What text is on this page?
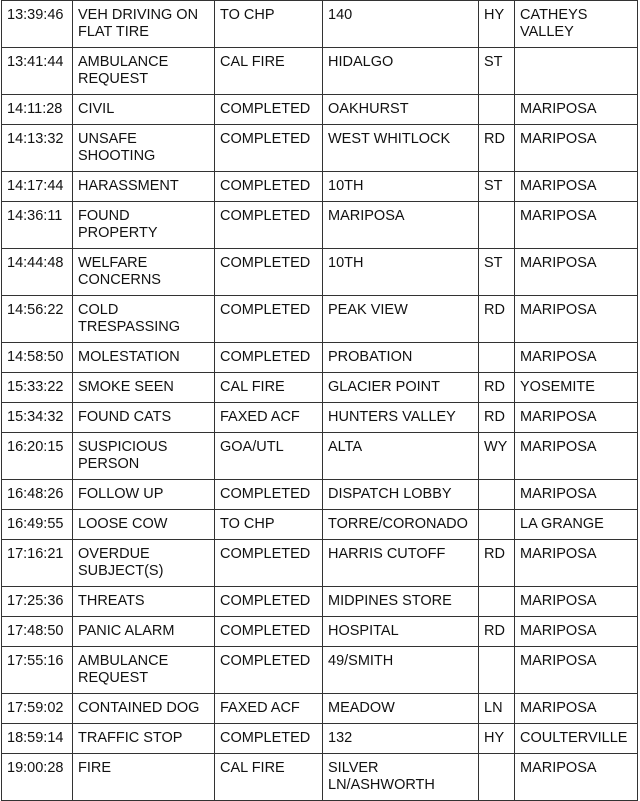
13:39:46	VEH DRIVING ON FLAT TIRE	TO CHP	140	HY	CATHEYS VALLEY
13:41:44	AMBULANCE REQUEST	CAL FIRE	HIDALGO	ST	
14:11:28	CIVIL	COMPLETED	OAKHURST		MARIPOSA
14:13:32	UNSAFE SHOOTING	COMPLETED	WEST WHITLOCK	RD	MARIPOSA
14:17:44	HARASSMENT	COMPLETED	10TH	ST	MARIPOSA
14:36:11	FOUND PROPERTY	COMPLETED	MARIPOSA		MARIPOSA
14:44:48	WELFARE CONCERNS	COMPLETED	10TH	ST	MARIPOSA
14:56:22	COLD TRESPASSING	COMPLETED	PEAK VIEW	RD	MARIPOSA
14:58:50	MOLESTATION	COMPLETED	PROBATION		MARIPOSA
15:33:22	SMOKE SEEN	CAL FIRE	GLACIER POINT	RD	YOSEMITE
15:34:32	FOUND CATS	FAXED ACF	HUNTERS VALLEY	RD	MARIPOSA
16:20:15	SUSPICIOUS PERSON	GOA/UTL	ALTA	WY	MARIPOSA
16:48:26	FOLLOW UP	COMPLETED	DISPATCH LOBBY		MARIPOSA
16:49:55	LOOSE COW	TO CHP	TORRE/CORONADO		LA GRANGE
17:16:21	OVERDUE SUBJECT(S)	COMPLETED	HARRIS CUTOFF	RD	MARIPOSA
17:25:36	THREATS	COMPLETED	MIDPINES STORE		MARIPOSA
17:48:50	PANIC ALARM	COMPLETED	HOSPITAL	RD	MARIPOSA
17:55:16	AMBULANCE REQUEST	COMPLETED	49/SMITH		MARIPOSA
17:59:02	CONTAINED DOG	FAXED ACF	MEADOW	LN	MARIPOSA
18:59:14	TRAFFIC STOP	COMPLETED	132	HY	COULTERVILLE
19:00:28	FIRE	CAL FIRE	SILVER LN/ASHWORTH		MARIPOSA
